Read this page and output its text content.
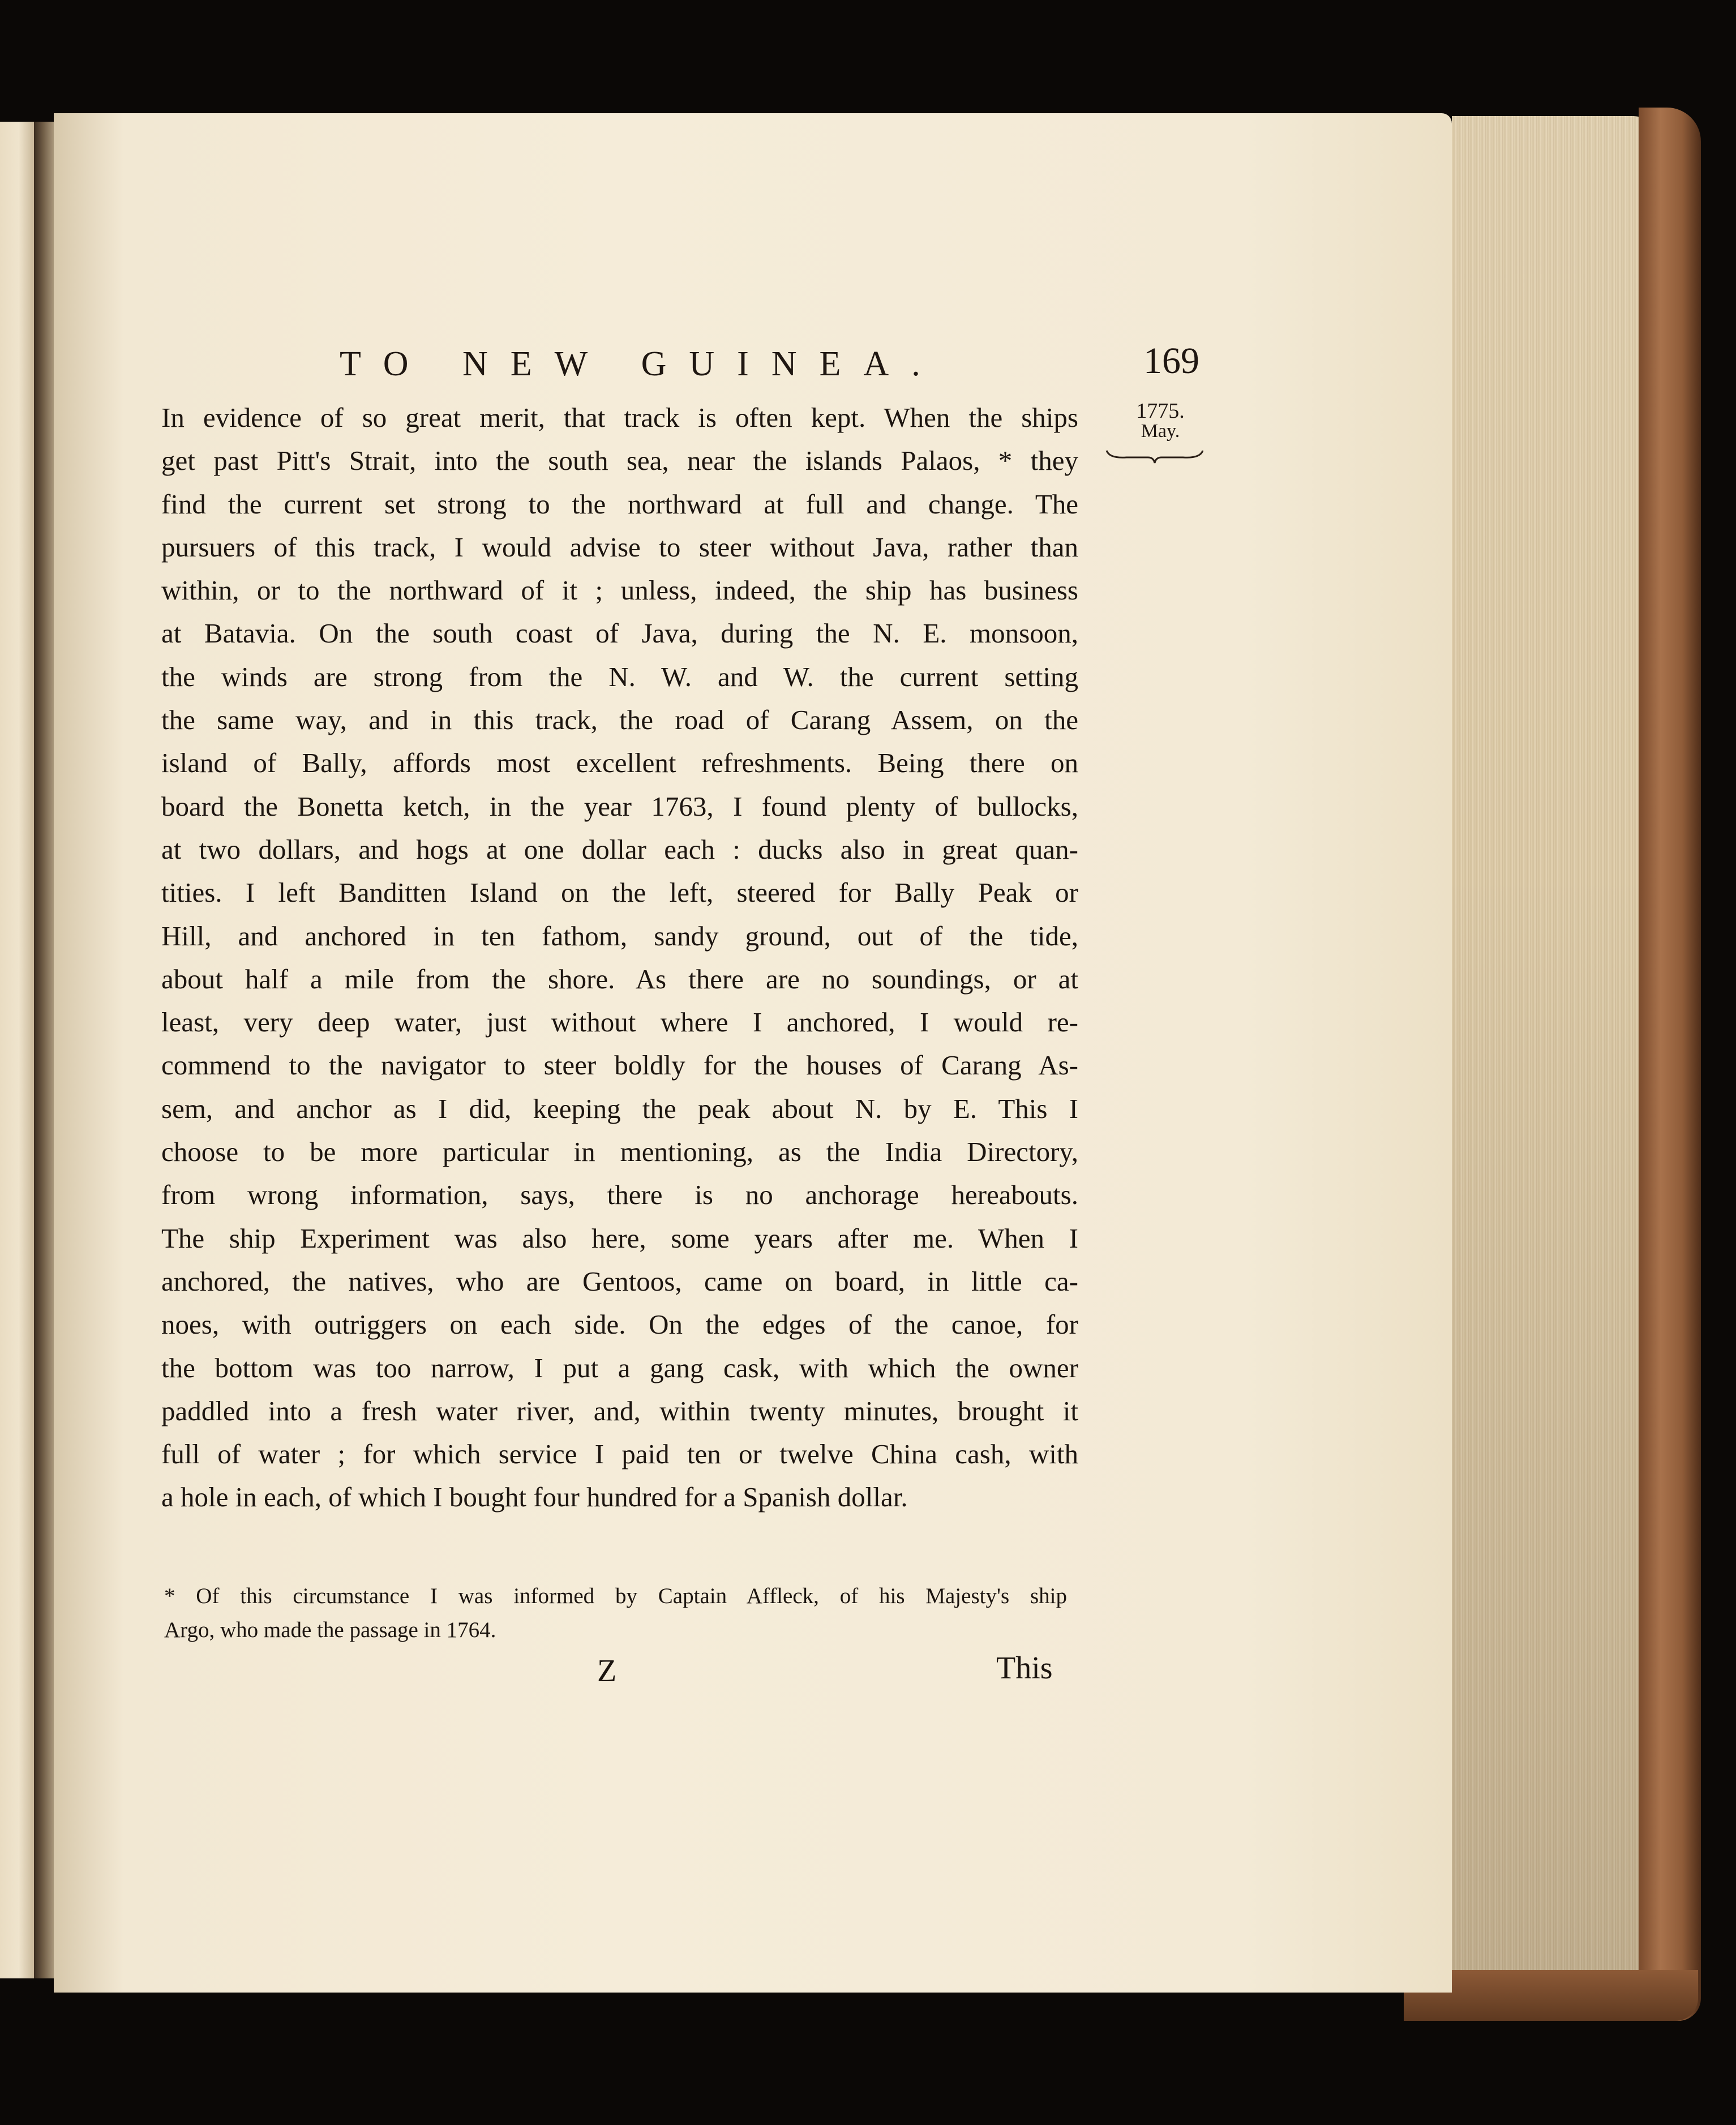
TO NEW GUINEA.	169
1775.
May.
In evidence of so great merit, that track is often kept. When the ships
get past Pitt's Strait, into the south sea, near the islands Palaos, * they
find the current set strong to the northward at full and change. The
pursuers of this track, I would advise to steer without Java, rather than
within, or to the northward of it ; unless, indeed, the ship has business
at Batavia. On the south coast of Java, during the N. E. monsoon,
the winds are strong from the N. W. and W. the current setting
the same way, and in this track, the road of Carang Assem, on the
island of Bally, affords most excellent refreshments. Being there on
board the Bonetta ketch, in the year 1763, I found plenty of bullocks,
at two dollars, and hogs at one dollar each : ducks also in great quan-
tities. I left Banditten Island on the left, steered for Bally Peak or
Hill, and anchored in ten fathom, sandy ground, out of the tide,
about half a mile from the shore. As there are no soundings, or at
least, very deep water, just without where I anchored, I would re-
commend to the navigator to steer boldly for the houses of Carang As-
sem, and anchor as I did, keeping the peak about N. by E. This I
choose to be more particular in mentioning, as the India Directory,
from wrong information, says, there is no anchorage hereabouts.
The ship Experiment was also here, some years after me. When I
anchored, the natives, who are Gentoos, came on board, in little ca-
noes, with outriggers on each side. On the edges of the canoe, for
the bottom was too narrow, I put a gang cask, with which the owner
paddled into a fresh water river, and, within twenty minutes, brought it
full of water ; for which service I paid ten or twelve China cash, with
a hole in each, of which I bought four hundred for a Spanish dollar.
* Of this circumstance I was informed by Captain Affleck, of his Majesty's ship
Argo, who made the passage in 1764.
Z	This
